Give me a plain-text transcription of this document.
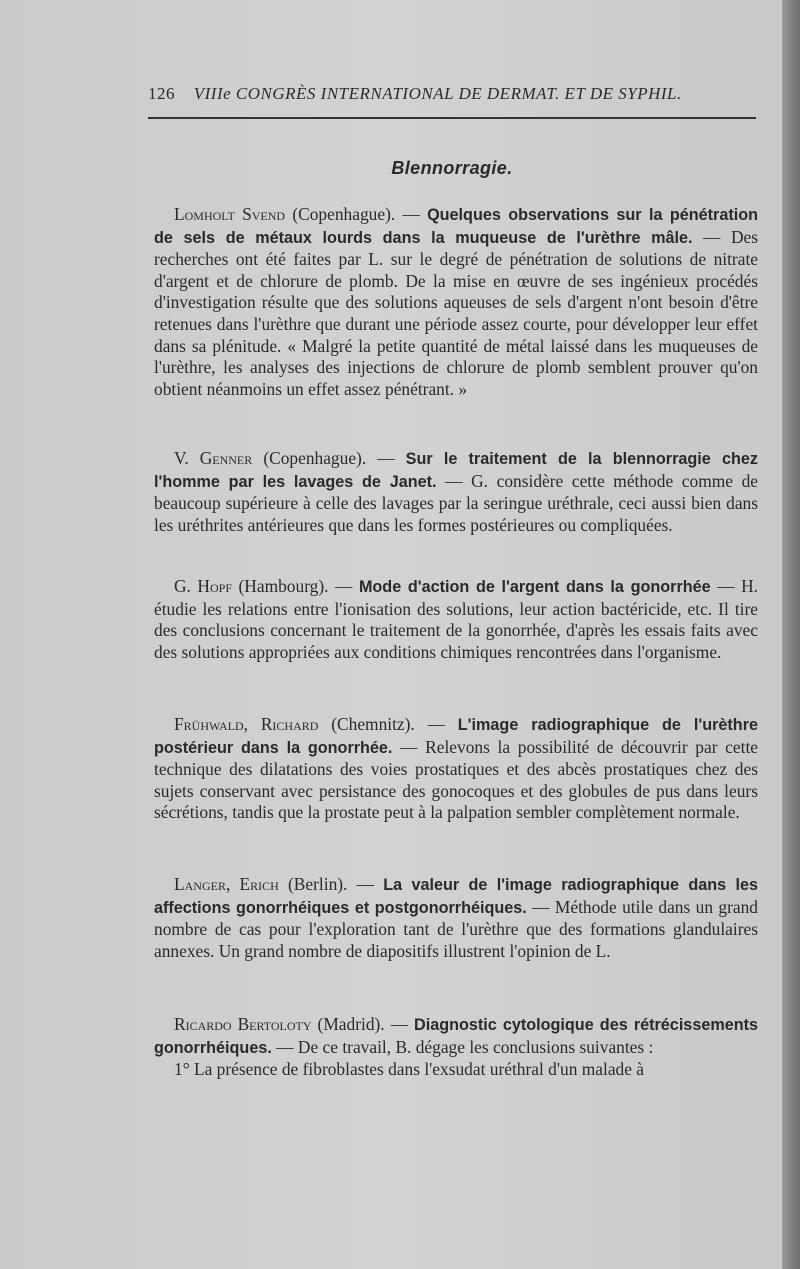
126 VIIIe CONGRÈS INTERNATIONAL DE DERMAT. ET DE SYPHIL.
Blennorragie.

Lomholt Svend (Copenhague). — Quelques observations sur la pénétration de sels de métaux lourds dans la muqueuse de l'urèthre mâle. — Des recherches ont été faites par L. sur le degré de pénétration de solutions de nitrate d'argent et de chlorure de plomb. De la mise en œuvre de ses ingénieux procédés d'investigation résulte que des solutions aqueuses de sels d'argent n'ont besoin d'être retenues dans l'urèthre que durant une période assez courte, pour développer leur effet dans sa plénitude. « Malgré la petite quantité de métal laissé dans les muqueuses de l'urèthre, les analyses des injections de chlorure de plomb semblent prouver qu'on obtient néanmoins un effet assez pénétrant. »

V. Genner (Copenhague). — Sur le traitement de la blennorragie chez l'homme par les lavages de Janet. — G. considère cette méthode comme de beaucoup supérieure à celle des lavages par la seringue uréthrale, ceci aussi bien dans les uréthrites antérieures que dans les formes postérieures ou compliquées.

G. Hopf (Hambourg). — Mode d'action de l'argent dans la gonorrhée — H. étudie les relations entre l'ionisation des solutions, leur action bactéricide, etc. Il tire des conclusions concernant le traitement de la gonorrhée, d'après les essais faits avec des solutions appropriées aux conditions chimiques rencontrées dans l'organisme.

Frühwald, Richard (Chemnitz). — L'image radiographique de l'urèthre postérieur dans la gonorrhée. — Relevons la possibilité de découvrir par cette technique des dilatations des voies prostatiques et des abcès prostatiques chez des sujets conservant avec persistance des gonocoques et des globules de pus dans leurs sécrétions, tandis que la prostate peut à la palpation sembler complètement normale.

Langer, Erich (Berlin). — La valeur de l'image radiographique dans les affections gonorrhéiques et postgonorrhéiques. — Méthode utile dans un grand nombre de cas pour l'exploration tant de l'urèthre que des formations glandulaires annexes. Un grand nombre de diapositifs illustrent l'opinion de L.

Ricardo Bertoloty (Madrid). — Diagnostic cytologique des rétrécissements gonorrhéiques. — De ce travail, B. dégage les conclusions suivantes :
1° La présence de fibroblastes dans l'exsudat uréthral d'un malade à
